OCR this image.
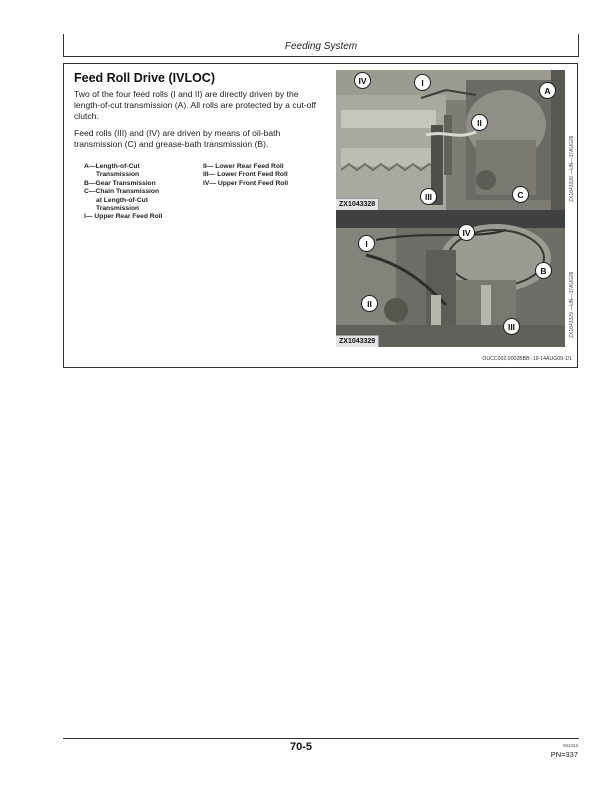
Feeding System
Feed Roll Drive (IVLOC)
Two of the four feed rolls (I and II) are directly driven by the length-of-cut transmission (A). All rolls are protected by a cut-off clutch.
Feed rolls (III) and (IV) are driven by means of oil-bath transmission (C) and grease-bath transmission (B).
A—Length-of-Cut
Transmission
B—Gear Transmission
C—Chain Transmission
at Length-of-Cut
Transmission
I— Upper Rear Feed Roll
II— Lower Rear Feed Roll
III— Lower Front Feed Roll
IV— Upper Front Feed Roll
ZX1043328
IV	I
A
II
III	C	ZX1043328 —UN—37AUG09
ZX1043329
IV
I
B
II
III	ZX1043329 —UN—37AUG09
OUCC002,0002BBB -19-14AUG09-1/1
70-5	061312
PN=337
